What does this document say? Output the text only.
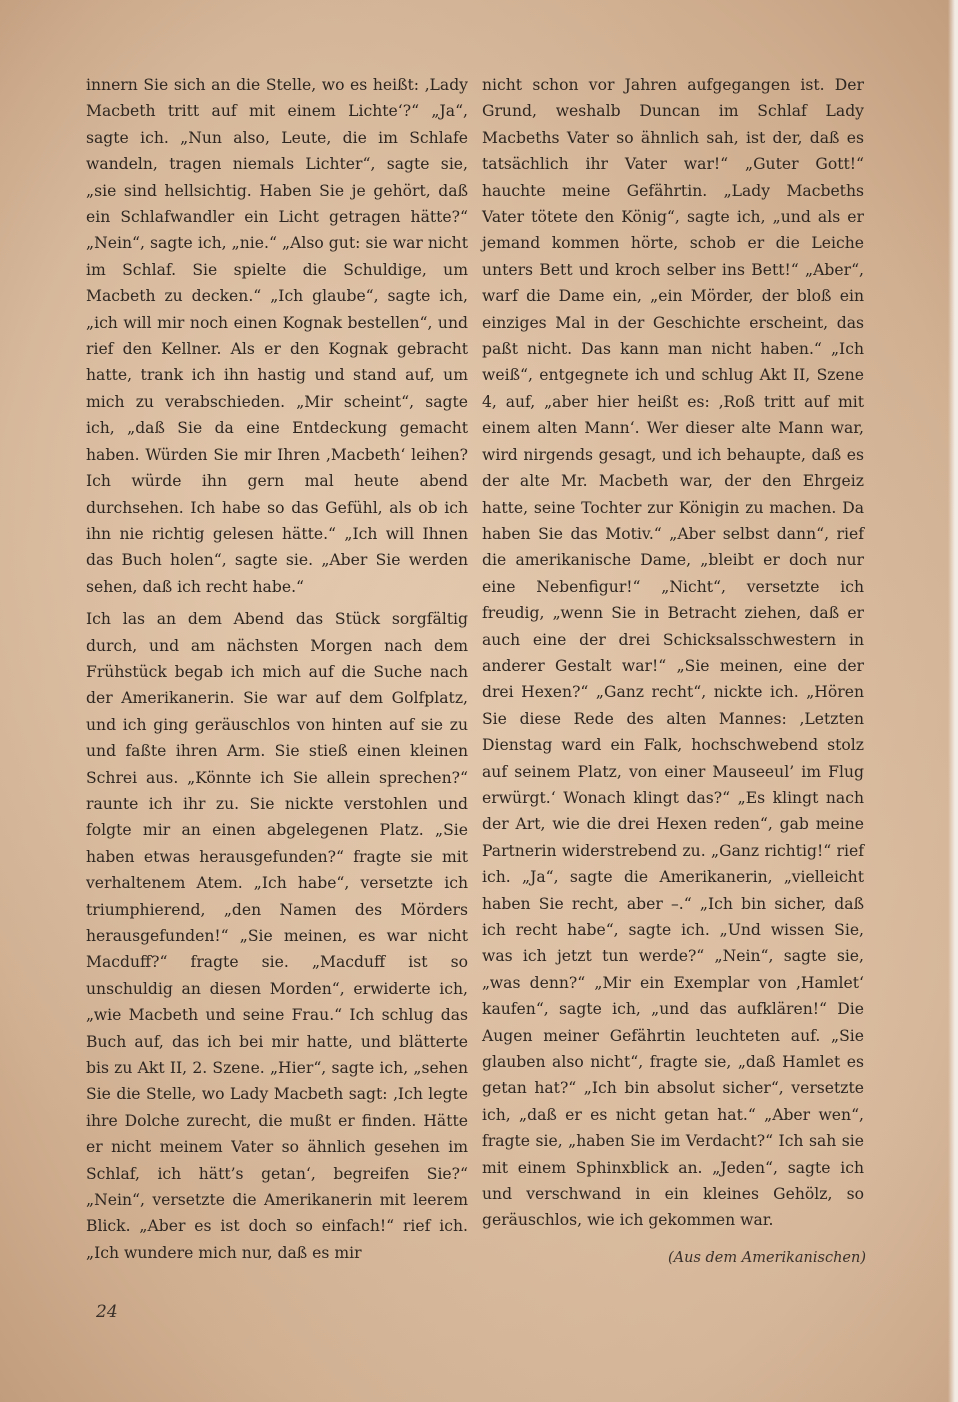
innern Sie sich an die Stelle, wo es heißt: ‚Lady Macbeth tritt auf mit einem Lichte‘?“ „Ja“, sagte ich. „Nun also, Leute, die im Schlafe wandeln, tragen niemals Lichter“, sagte sie, „sie sind hellsichtig. Haben Sie je gehört, daß ein Schlafwandler ein Licht getragen hätte?“ „Nein“, sagte ich, „nie.“ „Also gut: sie war nicht im Schlaf. Sie spielte die Schuldige, um Macbeth zu decken.“ „Ich glaube“, sagte ich, „ich will mir noch einen Kognak bestellen“, und rief den Kellner. Als er den Kognak gebracht hatte, trank ich ihn hastig und stand auf, um mich zu verabschieden. „Mir scheint“, sagte ich, „daß Sie da eine Entdeckung gemacht haben. Würden Sie mir Ihren ‚Macbeth‘ leihen? Ich würde ihn gern mal heute abend durchsehen. Ich habe so das Gefühl, als ob ich ihn nie richtig gelesen hätte.“ „Ich will Ihnen das Buch holen“, sagte sie. „Aber Sie werden sehen, daß ich recht habe.“

Ich las an dem Abend das Stück sorgfältig durch, und am nächsten Morgen nach dem Frühstück begab ich mich auf die Suche nach der Amerikanerin. Sie war auf dem Golfplatz, und ich ging geräuschlos von hinten auf sie zu und faßte ihren Arm. Sie stieß einen kleinen Schrei aus. „Könnte ich Sie allein sprechen?“ raunte ich ihr zu. Sie nickte verstohlen und folgte mir an einen abgelegenen Platz. „Sie haben etwas herausgefunden?“ fragte sie mit verhaltenem Atem. „Ich habe“, versetzte ich triumphierend, „den Namen des Mörders herausgefunden!“ „Sie meinen, es war nicht Macduff?“ fragte sie. „Macduff ist so unschuldig an diesen Morden“, erwiderte ich, „wie Macbeth und seine Frau.“ Ich schlug das Buch auf, das ich bei mir hatte, und blätterte bis zu Akt II, 2. Szene. „Hier“, sagte ich, „sehen Sie die Stelle, wo Lady Macbeth sagt: ‚Ich legte ihre Dolche zurecht, die mußt er finden. Hätte er nicht meinem Vater so ähnlich gesehen im Schlaf, ich hätt’s getan‘, begreifen Sie?“ „Nein“, versetzte die Amerikanerin mit leerem Blick. „Aber es ist doch so einfach!“ rief ich. „Ich wundere mich nur, daß es mir

nicht schon vor Jahren aufgegangen ist. Der Grund, weshalb Duncan im Schlaf Lady Macbeths Vater so ähnlich sah, ist der, daß es tatsächlich ihr Vater war!“ „Guter Gott!“ hauchte meine Gefährtin. „Lady Macbeths Vater tötete den König“, sagte ich, „und als er jemand kommen hörte, schob er die Leiche unters Bett und kroch selber ins Bett!“ „Aber“, warf die Dame ein, „ein Mörder, der bloß ein einziges Mal in der Geschichte erscheint, das paßt nicht. Das kann man nicht haben.“ „Ich weiß“, entgegnete ich und schlug Akt II, Szene 4, auf, „aber hier heißt es: ‚Roß tritt auf mit einem alten Mann‘. Wer dieser alte Mann war, wird nirgends gesagt, und ich behaupte, daß es der alte Mr. Macbeth war, der den Ehrgeiz hatte, seine Tochter zur Königin zu machen. Da haben Sie das Motiv.“ „Aber selbst dann“, rief die amerikanische Dame, „bleibt er doch nur eine Nebenfigur!“ „Nicht“, versetzte ich freudig, „wenn Sie in Betracht ziehen, daß er auch eine der drei Schicksalsschwestern in anderer Gestalt war!“ „Sie meinen, eine der drei Hexen?“ „Ganz recht“, nickte ich. „Hören Sie diese Rede des alten Mannes: ‚Letzten Dienstag ward ein Falk, hochschwebend stolz auf seinem Platz, von einer Mauseeul’ im Flug erwürgt.‘ Wonach klingt das?“ „Es klingt nach der Art, wie die drei Hexen reden“, gab meine Partnerin widerstrebend zu. „Ganz richtig!“ rief ich. „Ja“, sagte die Amerikanerin, „vielleicht haben Sie recht, aber –.“ „Ich bin sicher, daß ich recht habe“, sagte ich. „Und wissen Sie, was ich jetzt tun werde?“ „Nein“, sagte sie, „was denn?“ „Mir ein Exemplar von ‚Hamlet‘ kaufen“, sagte ich, „und das aufklären!“ Die Augen meiner Gefährtin leuchteten auf. „Sie glauben also nicht“, fragte sie, „daß Hamlet es getan hat?“ „Ich bin absolut sicher“, versetzte ich, „daß er es nicht getan hat.“ „Aber wen“, fragte sie, „haben Sie im Verdacht?“ Ich sah sie mit einem Sphinxblick an. „Jeden“, sagte ich und verschwand in ein kleines Gehölz, so geräuschlos, wie ich gekommen war.

(Aus dem Amerikanischen)
24
